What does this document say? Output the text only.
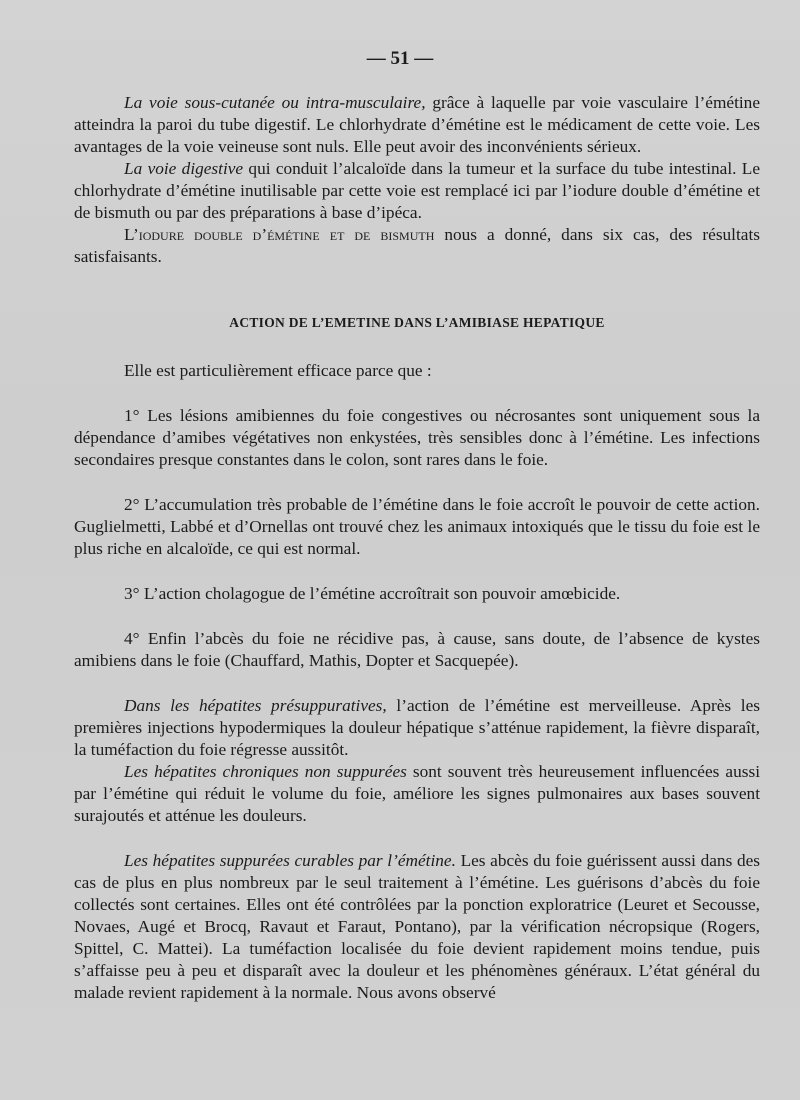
— 51 —

La voie sous-cutanée ou intra-musculaire, grâce à laquelle par voie vasculaire l’émétine atteindra la paroi du tube digestif. Le chlorhydrate d’émétine est le médicament de cette voie. Les avantages de la voie veineuse sont nuls. Elle peut avoir des inconvénients sérieux.

La voie digestive qui conduit l’alcaloïde dans la tumeur et la surface du tube intestinal. Le chlorhydrate d’émétine inutilisable par cette voie est remplacé ici par l’iodure double d’émétine et de bismuth ou par des préparations à base d’ipéca.

L’iodure double d’émétine et de bismuth nous a donné, dans six cas, des résultats satisfaisants.

ACTION DE L’EMETINE DANS L’AMIBIASE HEPATIQUE

Elle est particulièrement efficace parce que :

1° Les lésions amibiennes du foie congestives ou nécrosantes sont uniquement sous la dépendance d’amibes végétatives non enkystées, très sensibles donc à l’émétine. Les infections secondaires presque constantes dans le colon, sont rares dans le foie.

2° L’accumulation très probable de l’émétine dans le foie accroît le pouvoir de cette action. Guglielmetti, Labbé et d’Ornellas ont trouvé chez les animaux intoxiqués que le tissu du foie est le plus riche en alcaloïde, ce qui est normal.

3° L’action cholagogue de l’émétine accroîtrait son pouvoir amœbicide.

4° Enfin l’abcès du foie ne récidive pas, à cause, sans doute, de l’absence de kystes amibiens dans le foie (Chauffard, Mathis, Dopter et Sacquepée).

Dans les hépatites présuppuratives, l’action de l’émétine est merveilleuse. Après les premières injections hypodermiques la douleur hépatique s’atténue rapidement, la fièvre disparaît, la tuméfaction du foie régresse aussitôt.

Les hépatites chroniques non suppurées sont souvent très heureusement influencées aussi par l’émétine qui réduit le volume du foie, améliore les signes pulmonaires aux bases souvent surajoutés et atténue les douleurs.

Les hépatites suppurées curables par l’émétine. Les abcès du foie guérissent aussi dans des cas de plus en plus nombreux par le seul traitement à l’émétine. Les guérisons d’abcès du foie collectés sont certaines. Elles ont été contrôlées par la ponction exploratrice (Leuret et Secousse, Novaes, Augé et Brocq, Ravaut et Faraut, Pontano), par la vérification nécropsique (Rogers, Spittel, C. Mattei). La tuméfaction localisée du foie devient rapidement moins tendue, puis s’affaisse peu à peu et disparaît avec la douleur et les phénomènes généraux. L’état général du malade revient rapidement à la normale. Nous avons observé
